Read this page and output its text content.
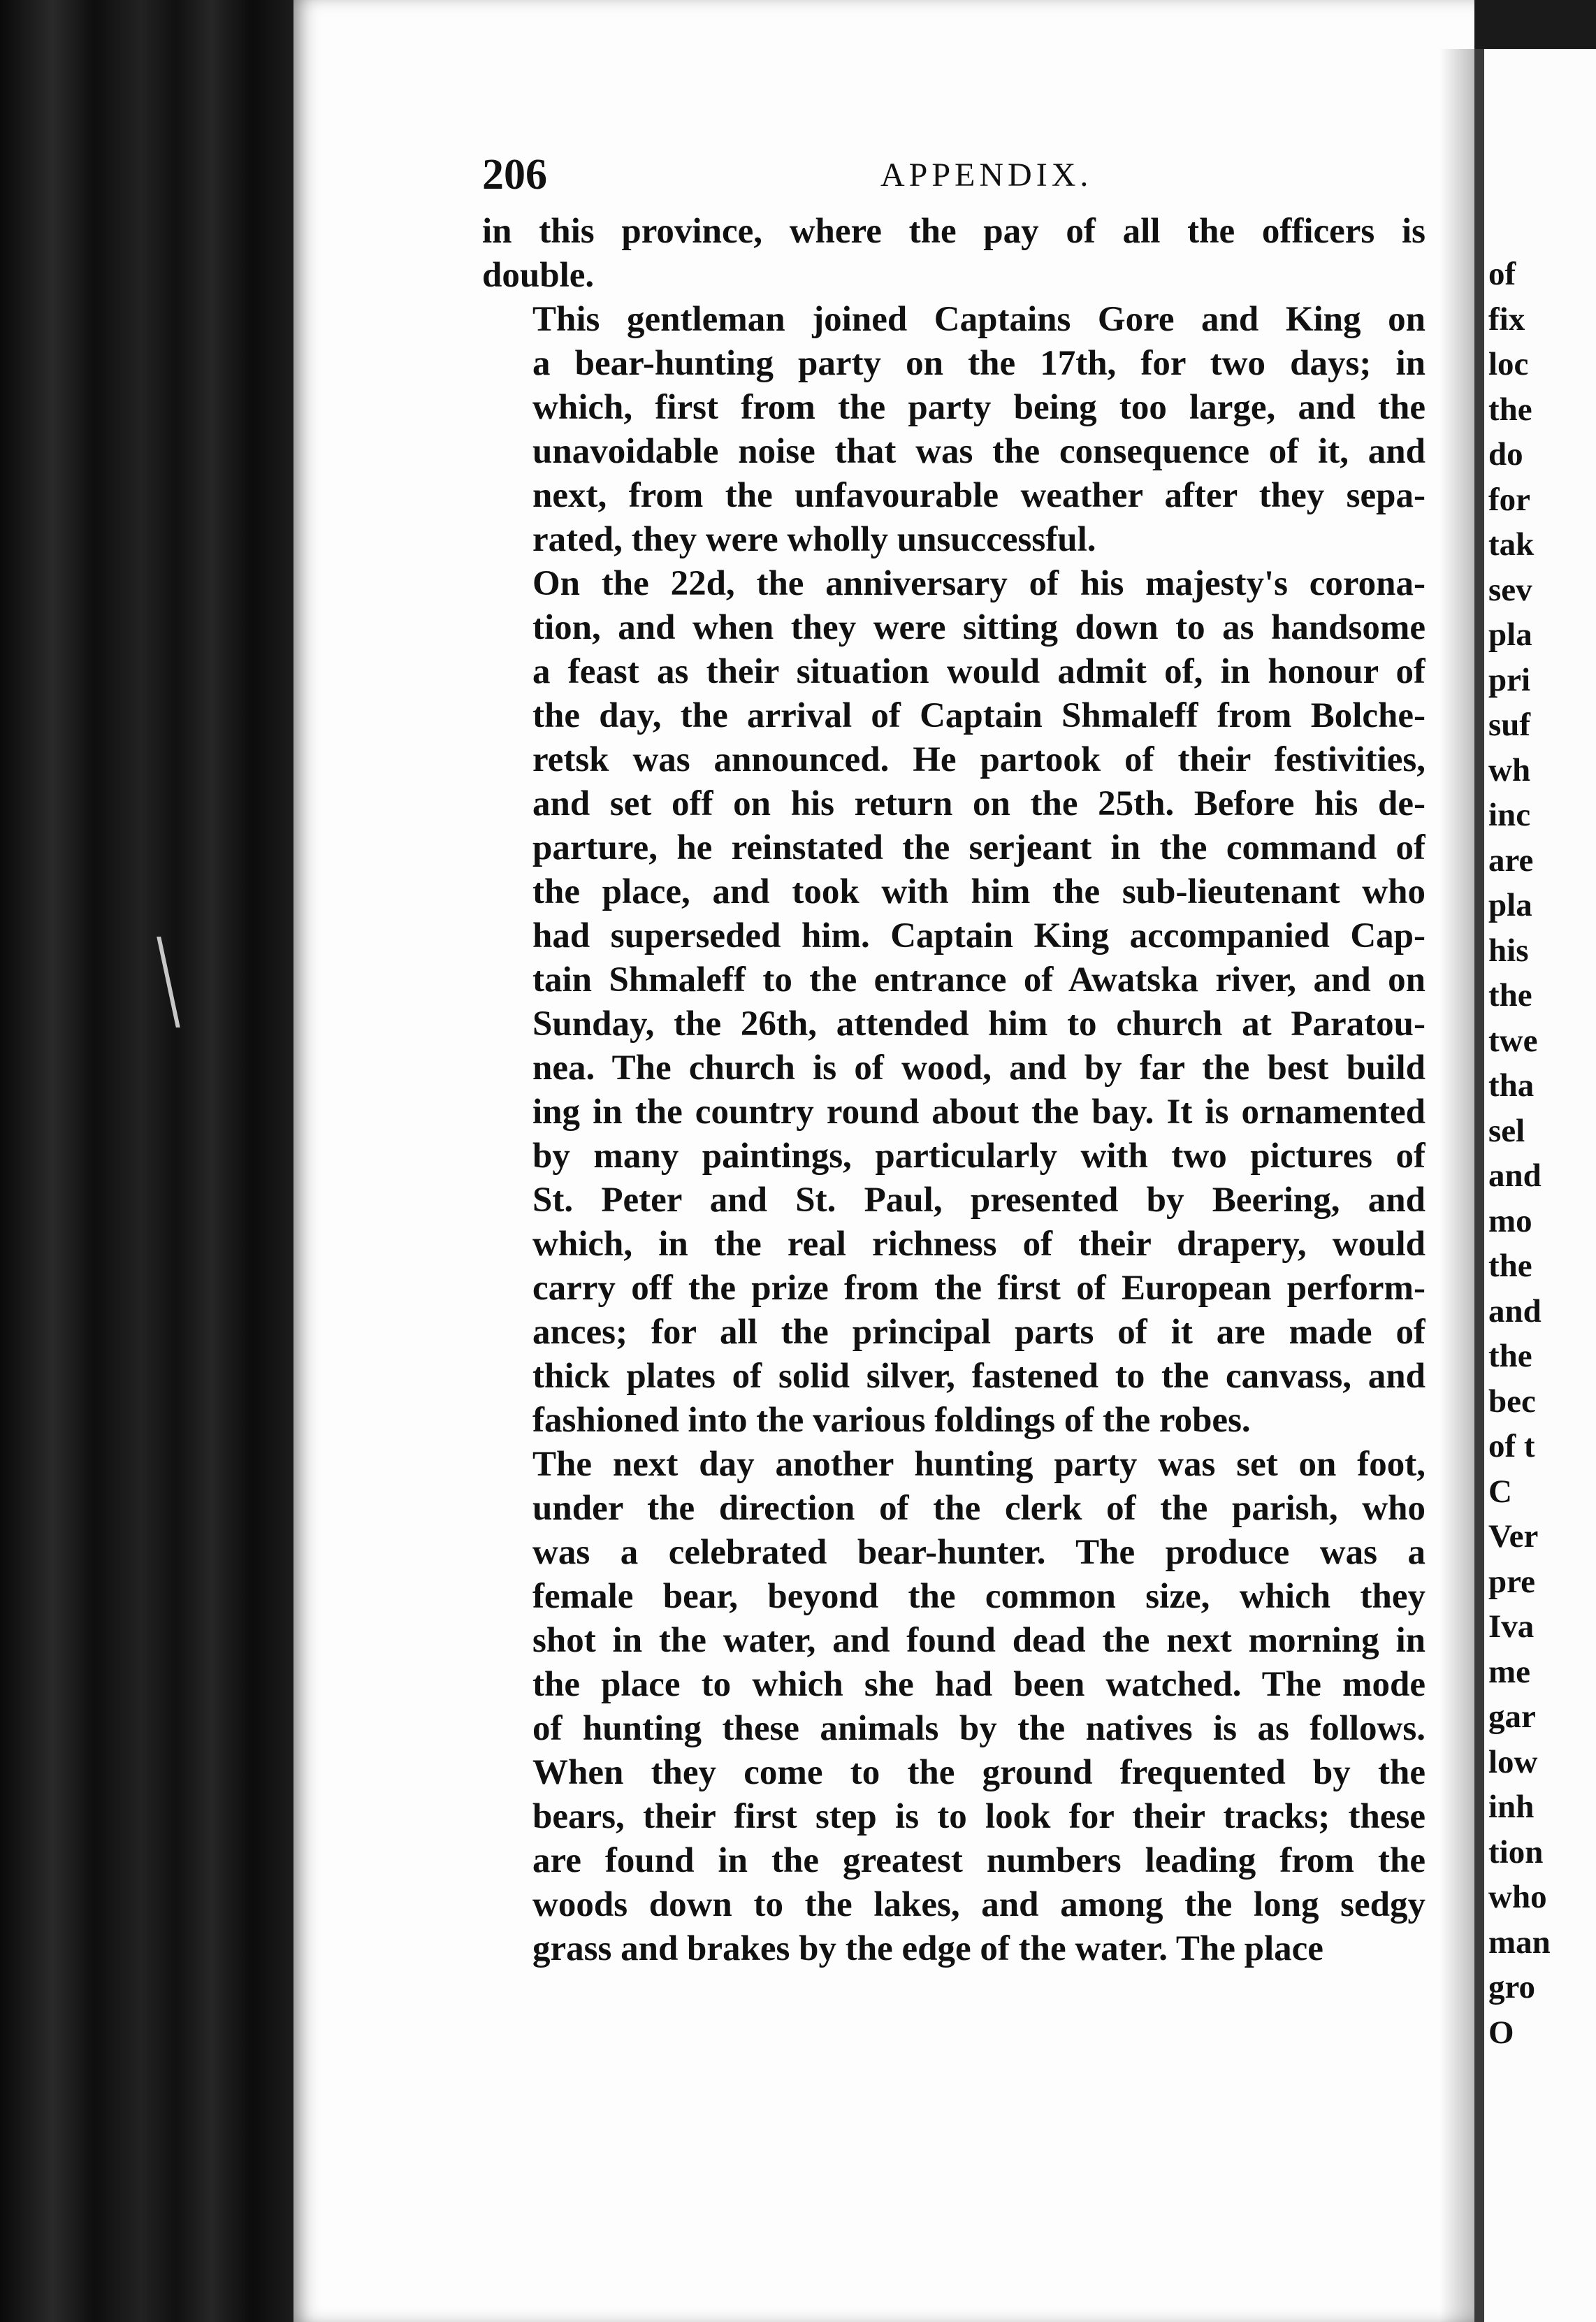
of
fix
loc
the
do
for
tak
sev
pla
pri
suf
wh
inc
are
pla
his
the
twe
tha
sel
and
mo
the
and
the
bec
of t
C
Ver
pre
Iva
me
gar
low
inh
tion
who
man
gro
O
206	APPENDIX.

in this province, where the pay of all the officers is
double.

This gentleman joined Captains Gore and King on
a bear-hunting party on the 17th, for two days; in
which, first from the party being too large, and the
unavoidable noise that was the consequence of it, and
next, from the unfavourable weather after they sepa-
rated, they were wholly unsuccessful.

On the 22d, the anniversary of his majesty's corona-
tion, and when they were sitting down to as handsome
a feast as their situation would admit of, in honour of
the day, the arrival of Captain Shmaleff from Bolche-
retsk was announced. He partook of their festivities,
and set off on his return on the 25th. Before his de-
parture, he reinstated the serjeant in the command of
the place, and took with him the sub-lieutenant who
had superseded him. Captain King accompanied Cap-
tain Shmaleff to the entrance of Awatska river, and on
Sunday, the 26th, attended him to church at Paratou-
nea. The church is of wood, and by far the best build
ing in the country round about the bay. It is ornamented
by many paintings, particularly with two pictures of
St. Peter and St. Paul, presented by Beering, and
which, in the real richness of their drapery, would
carry off the prize from the first of European perform-
ances; for all the principal parts of it are made of
thick plates of solid silver, fastened to the canvass, and
fashioned into the various foldings of the robes.

The next day another hunting party was set on foot,
under the direction of the clerk of the parish, who
was a celebrated bear-hunter. The produce was a
female bear, beyond the common size, which they
shot in the water, and found dead the next morning in
the place to which she had been watched. The mode
of hunting these animals by the natives is as follows.
When they come to the ground frequented by the
bears, their first step is to look for their tracks; these
are found in the greatest numbers leading from the
woods down to the lakes, and among the long sedgy
grass and brakes by the edge of the water. The place
